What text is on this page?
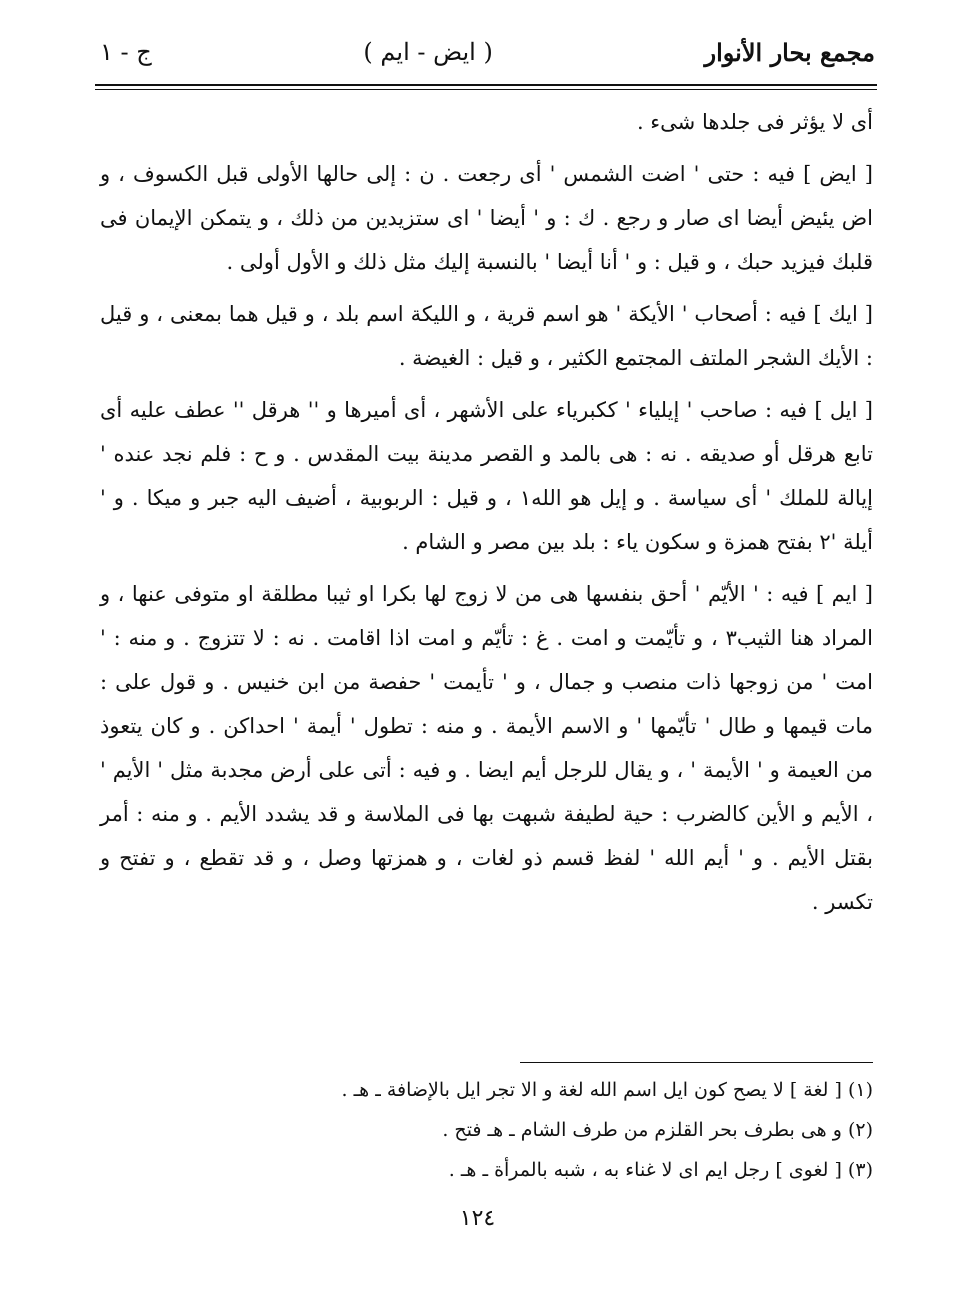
مجمع بحار الأنوار
( ايض - ايم )
ج - ١

أى لا يؤثر فى جلدها شىء .

[ ايض ] فيه : حتى ' اضت الشمس ' أى رجعت . ن : إلى حالها الأولى قبل الكسوف ، و اض يئيض أيضا اى صار و رجع . ك : و ' أيضا ' اى ستزيدين من ذلك ، و يتمكن الإيمان فى قلبك فيزيد حبك ، و قيل : و ' أنا أيضا ' بالنسبة إليك مثل ذلك و الأول أولى .

[ ايك ] فيه : أصحاب ' الأيكة ' هو اسم قرية ، و الليكة اسم بلد ، و قيل هما بمعنى ، و قيل : الأيك الشجر الملتف المجتمع الكثير ، و قيل : الغيضة .

[ ايل ] فيه : صاحب ' إيلياء ' ككبرياء على الأشهر ، أى أميرها و '' هرقل '' عطف عليه أى تابع هرقل أو صديقه . نه : هى بالمد و القصر مدينة بيت المقدس . و ح : فلم نجد عنده ' إيالة للملك ' أى سياسة . و إيل هو الله١ ، و قيل : الربوبية ، أضيف اليه جبر و ميكا . و ' أيلة '٢ بفتح همزة و سكون ياء : بلد بين مصر و الشام .

[ ايم ] فيه : ' الأيّم ' أحق بنفسها هى من لا زوج لها بكرا او ثيبا مطلقة او متوفى عنها ، و المراد هنا الثيب٣ ، و تأيّمت و امت . غ : تأيّم و امت اذا اقامت . نه : لا تتزوج . و منه : ' امت ' من زوجها ذات منصب و جمال ، و ' تأيمت ' حفصة من ابن خنيس . و قول على : مات قيمها و طال ' تأيّمها ' و الاسم الأيمة . و منه : تطول ' أيمة ' احداكن . و كان يتعوذ من العيمة و ' الأيمة ' ، و يقال للرجل أيم ايضا . و فيه : أتى على أرض مجدبة مثل ' الأيم ' ، الأيم و الأين كالضرب : حية لطيفة شبهت بها فى الملاسة و قد يشدد الأيم . و منه : أمر بقتل الأيم . و ' أيم الله ' لفظ قسم ذو لغات ، و همزتها وصل ، و قد تقطع ، و تفتح و تكسر .

(١) [ لغة ] لا يصح كون ايل اسم الله لغة و الا تجر ايل بالإضافة ـ هـ .

(٢) و هى بطرف بحر القلزم من طرف الشام ـ هـ فتح .

(٣) [ لغوى ] رجل ايم اى لا غناء به ، شبه بالمرأة ـ هـ .

١٢٤
